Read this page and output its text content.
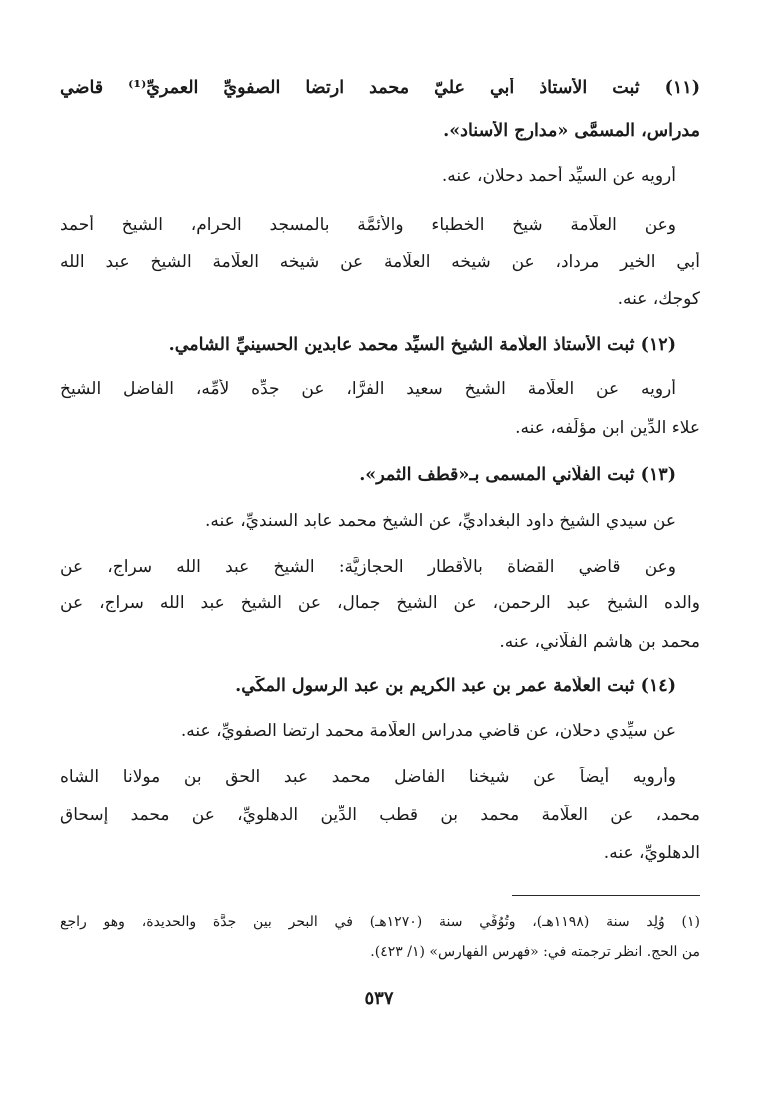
(١١) ثبت الأستاذ أبي عليّ محمد ارتضا الصفويِّ العمريِّ⁽¹⁾ قاضي
مدراس، المسمَّى «مدارج الأسناد».
أرويه عن السيِّد أحمد دحلان، عنه.
وعن العلَّامة شيخ الخطباء والأئمَّة بالمسجد الحرام، الشيخ أحمد
أبي الخير مرداد، عن شيخه العلَّامة عن شيخه العلَّامة الشيخ عبد الله
كوجك، عنه.
(١٢) ثبت الأستاذ العلَّامة الشيخ السيِّد محمد عابدين الحسينيِّ الشامي.
أرويه عن العلَّامة الشيخ سعيد الفرَّا، عن جدِّه لأمِّه، الفاضل الشيخ
علاء الدِّين ابن مؤلِّفه، عنه.
(١٣) ثبت الفلّاني المسمى بـ«قطف الثمر».
عن سيدي الشيخ داود البغداديِّ، عن الشيخ محمد عابد السنديِّ، عنه.
وعن قاضي القضاة بالأقطار الحجازيَّة: الشيخ عبد الله سراج، عن
والده الشيخ عبد الرحمن، عن الشيخ جمال، عن الشيخ عبد الله سراج، عن
محمد بن هاشم الفلَّاني، عنه.
(١٤) ثبت العلَّامة عمر بن عبد الكريم بن عبد الرسول المكّي.
عن سيِّدي دحلان، عن قاضي مدراس العلَّامة محمد ارتضا الصفويِّ، عنه.
وأرويه أيضاً عن شيخنا الفاضل محمد عبد الحق بن مولانا الشاه
محمد، عن العلَّامة محمد بن قطب الدِّين الدهلويِّ، عن محمد إسحاق
الدهلويِّ، عنه.
(١) وُلِد سنة (١١٩٨هـ)، وتُوُفِّي سنة (١٢٧٠هـ) في البحر بين جدَّة والحديدة، وهو راجع
من الحج. انظر ترجمته في: «فهرس الفهارس» (١/ ٤٢٣).
٥٣٧
